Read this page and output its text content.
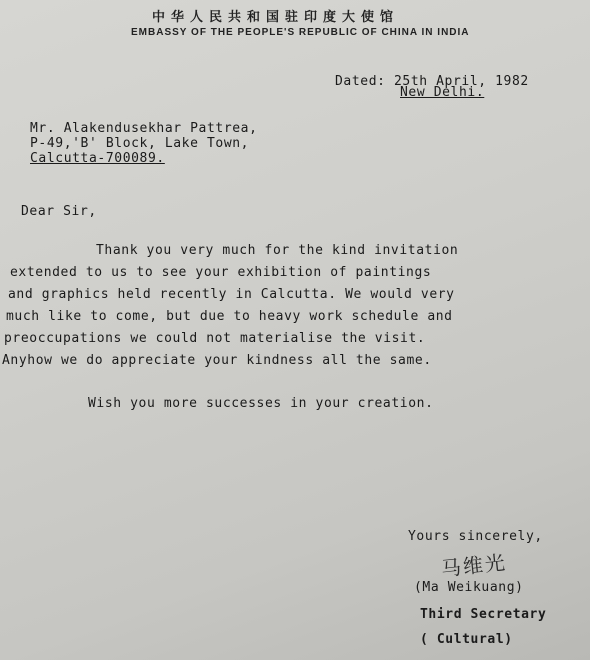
中华人民共和国驻印度大使馆
EMBASSY OF THE PEOPLE'S REPUBLIC OF CHINA IN INDIA
Dated: 25th April, 1982
New Delhi.
Mr. Alakendusekhar Pattrea,
P-49,'B' Block, Lake Town,
Calcutta-700089.
Dear Sir,
Thank you very much for the kind invitation
extended to us to see your exhibition of paintings
and graphics held recently in Calcutta. We would very
much like to come, but due to heavy work schedule and
preoccupations we could not materialise the visit.
Anyhow we do appreciate your kindness all the same.
Wish you more successes in your creation.
Yours sincerely,
马维光
(Ma Weikuang)
Third Secretary
( Cultural)
